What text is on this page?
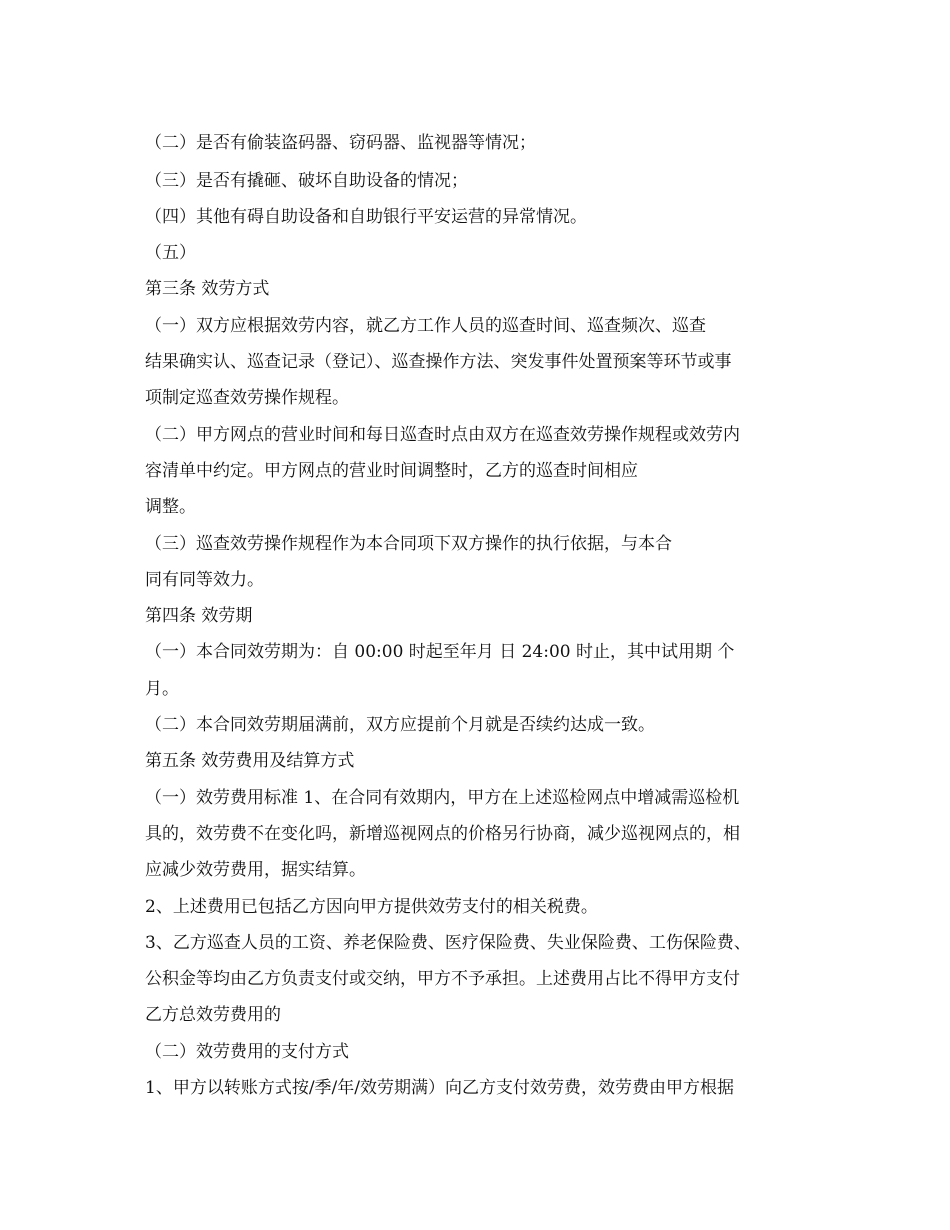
（二）是否有偷装盗码器、窃码器、监视器等情况；
（三）是否有撬砸、破坏自助设备的情况；
（四）其他有碍自助设备和自助银行平安运营的异常情况。
（五）
第三条 效劳方式
（一）双方应根据效劳内容，就乙方工作人员的巡查时间、巡查频次、巡查
结果确实认、巡查记录（登记）、巡查操作方法、突发事件处置预案等环节或事
项制定巡查效劳操作规程。
（二）甲方网点的营业时间和每日巡查时点由双方在巡查效劳操作规程或效劳内
容清单中约定。甲方网点的营业时间调整时，乙方的巡查时间相应
调整。
（三）巡查效劳操作规程作为本合同项下双方操作的执行依据，与本合
同有同等效力。
第四条 效劳期
（一）本合同效劳期为：自 00:00 时起至年月 日 24:00 时止，其中试用期 个
月。
（二）本合同效劳期届满前，双方应提前个月就是否续约达成一致。
第五条 效劳费用及结算方式
（一）效劳费用标准 1、在合同有效期内，甲方在上述巡检网点中增减需巡检机
具的，效劳费不在变化吗，新增巡视网点的价格另行协商，减少巡视网点的，相
应减少效劳费用，据实结算。
2、上述费用已包括乙方因向甲方提供效劳支付的相关税费。
3、乙方巡查人员的工资、养老保险费、医疗保险费、失业保险费、工伤保险费、
公积金等均由乙方负责支付或交纳，甲方不予承担。上述费用占比不得甲方支付
乙方总效劳费用的
（二）效劳费用的支付方式
1、甲方以转账方式按/季/年/效劳期满）向乙方支付效劳费，效劳费由甲方根据
